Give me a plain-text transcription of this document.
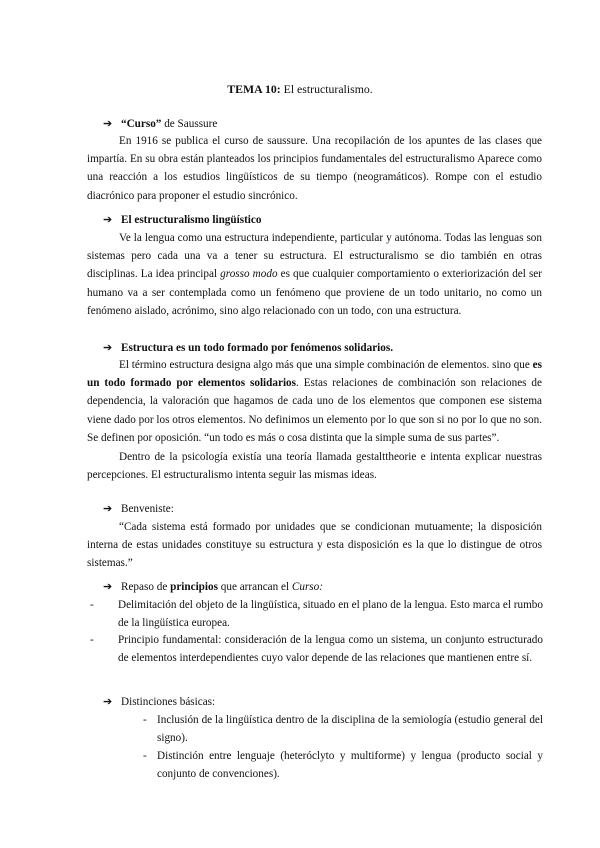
TEMA 10: El estructuralismo.
➔ “Curso” de Saussure

En 1916 se publica el curso de saussure. Una recopilación de los apuntes de las clases que impartía. En su obra están planteados los principios fundamentales del estructuralismo Aparece como una reacción a los estudios lingüísticos de su tiempo (neogramáticos). Rompe con el estudio diacrónico para proponer el estudio sincrónico.

➔ El estructuralismo lingüístico

Ve la lengua como una estructura independiente, particular y autónoma. Todas las lenguas son sistemas pero cada una va a tener su estructura. El estructuralismo se dio también en otras disciplinas. La idea principal grosso modo es que cualquier comportamiento o exteriorización del ser humano va a ser contemplada como un fenómeno que proviene de un todo unitario, no como un fenómeno aislado, acrónimo, sino algo relacionado con un todo, con una estructura.

➔ Estructura es un todo formado por fenómenos solidarios.

El término estructura designa algo más que una simple combinación de elementos. sino que es un todo formado por elementos solidarios. Estas relaciones de combinación son relaciones de dependencia, la valoración que hagamos de cada uno de los elementos que componen ese sistema viene dado por los otros elementos. No definimos un elemento por lo que son si no por lo que no son. Se definen por oposición. “un todo es más o cosa distinta que la simple suma de sus partes”.

Dentro de la psicología existía una teoría llamada gestalttheorie e intenta explicar nuestras percepciones. El estructuralismo intenta seguir las mismas ideas.

➔ Benveniste:

“Cada sistema está formado por unidades que se condicionan mutuamente; la disposición interna de estas unidades constituye su estructura y esta disposición es la que lo distingue de otros sistemas.”

➔ Repaso de principios que arrancan el Curso:
- Delimitación del objeto de la lingüística, situado en el plano de la lengua. Esto marca el rumbo de la lingüística europea.
- Principio fundamental: consideración de la lengua como un sistema, un conjunto estructurado de elementos interdependientes cuyo valor depende de las relaciones que mantienen entre sí.
➔ Distinciones básicas:
- Inclusión de la lingüística dentro de la disciplina de la semiología (estudio general del signo).
- Distinción entre lenguaje (heteróclyto y multiforme) y lengua (producto social y conjunto de convenciones).
